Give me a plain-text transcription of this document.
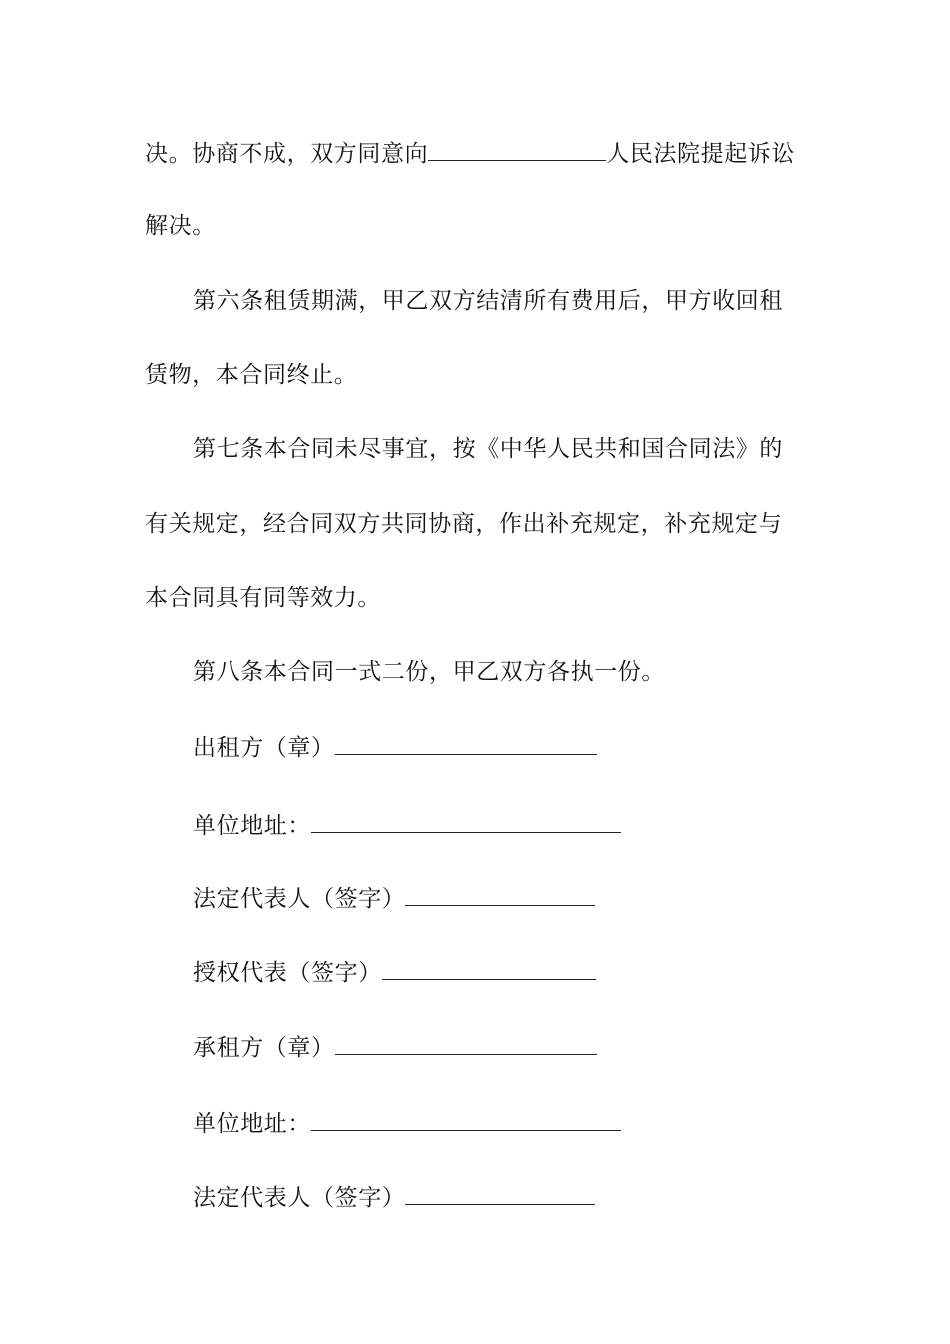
决。协商不成，双方同意向	人民法院提起诉讼
解决。
第六条租赁期满，甲乙双方结清所有费用后，甲方收回租
赁物，本合同终止。
第七条本合同未尽事宜，按《中华人民共和国合同法》的
有关规定，经合同双方共同协商，作出补充规定，补充规定与
本合同具有同等效力。
第八条本合同一式二份，甲乙双方各执一份。
出租方（章）
单位地址：
法定代表人（签字）
授权代表（签字）
承租方（章）
单位地址：
法定代表人（签字）
